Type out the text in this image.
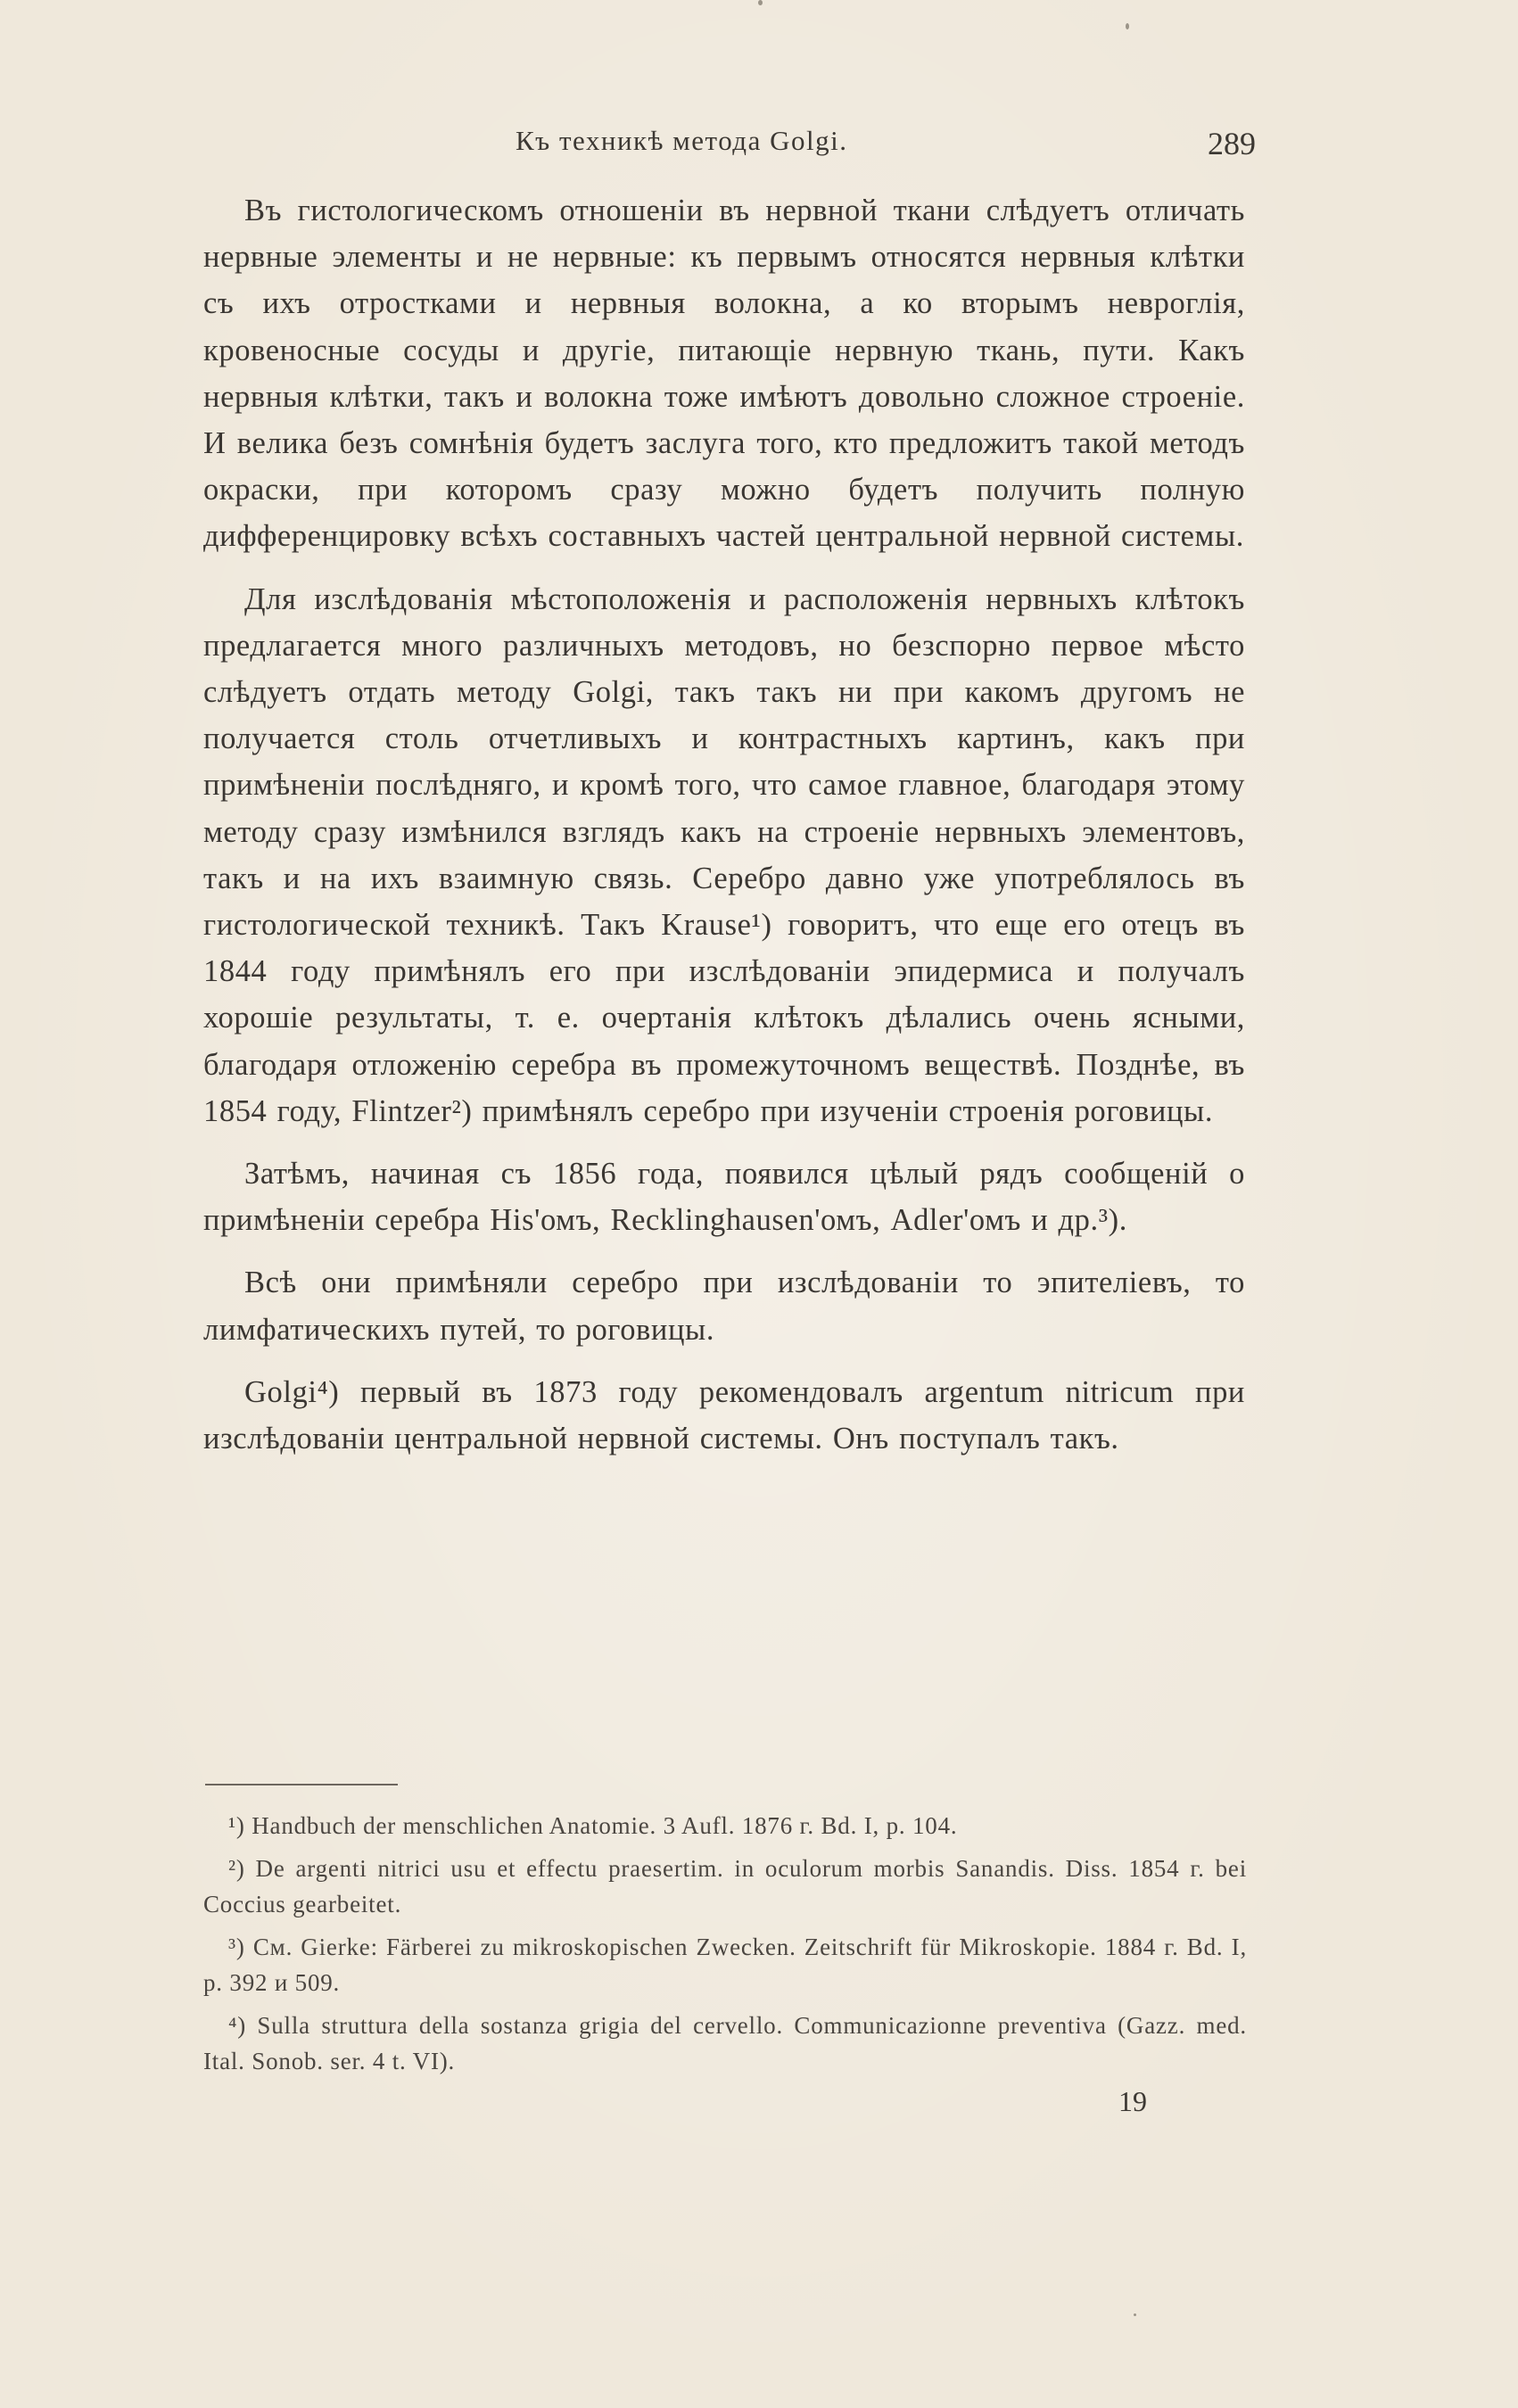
Къ техникѣ метода Golgi.	289

Въ гистологическомъ отношеніи въ нервной ткани слѣдуетъ отличать нервные элементы и не нервные: къ первымъ относятся нервныя клѣтки съ ихъ отростками и нервныя волокна, а ко вторымъ невроглія, кровеносные сосуды и другіе, питающіе нервную ткань, пути. Какъ нервныя клѣтки, такъ и волокна тоже имѣютъ довольно сложное строеніе. И велика безъ сомнѣнія будетъ заслуга того, кто предложитъ такой методъ окраски, при которомъ сразу можно будетъ получить полную дифференцировку всѣхъ составныхъ частей центральной нервной системы.

Для изслѣдованія мѣстоположенія и расположенія нервныхъ клѣтокъ предлагается много различныхъ методовъ, но безспорно первое мѣсто слѣдуетъ отдать методу Golgi, такъ такъ ни при какомъ другомъ не получается столь отчетливыхъ и контрастныхъ картинъ, какъ при примѣненіи послѣдняго, и кромѣ того, что самое главное, благодаря этому методу сразу измѣнился взглядъ какъ на строеніе нервныхъ элементовъ, такъ и на ихъ взаимную связь. Серебро давно уже употреблялось въ гистологической техникѣ. Такъ Krause¹) говоритъ, что еще его отецъ въ 1844 году примѣнялъ его при изслѣдованіи эпидермиса и получалъ хорошіе результаты, т. е. очертанія клѣтокъ дѣлались очень ясными, благодаря отложенію серебра въ промежуточномъ веществѣ. Позднѣе, въ 1854 году, Flintzer²) примѣнялъ серебро при изученіи строенія роговицы.

Затѣмъ, начиная съ 1856 года, появился цѣлый рядъ сообщеній о примѣненіи серебра His'омъ, Recklinghausen'омъ, Adler'омъ и др.³).

Всѣ они примѣняли серебро при изслѣдованіи то эпителіевъ, то лимфатическихъ путей, то роговицы.

Golgi⁴) первый въ 1873 году рекомендовалъ argentum nitricum при изслѣдованіи центральной нервной системы. Онъ поступалъ такъ.

¹) Handbuch der menschlichen Anatomie. 3 Aufl. 1876 г. Bd. I, p. 104.

²) De argenti nitrici usu et effectu praesertim. in oculorum morbis Sanandis. Diss. 1854 г. bei Coccius gearbeitet.

³) См. Gierke: Färberei zu mikroskopischen Zwecken. Zeitschrift für Mikroskopie. 1884 г. Bd. I, p. 392 и 509.

⁴) Sulla struttura della sostanza grigia del cervello. Communicazionne preventiva (Gazz. med. Ital. Sonob. ser. 4 t. VI).

19
